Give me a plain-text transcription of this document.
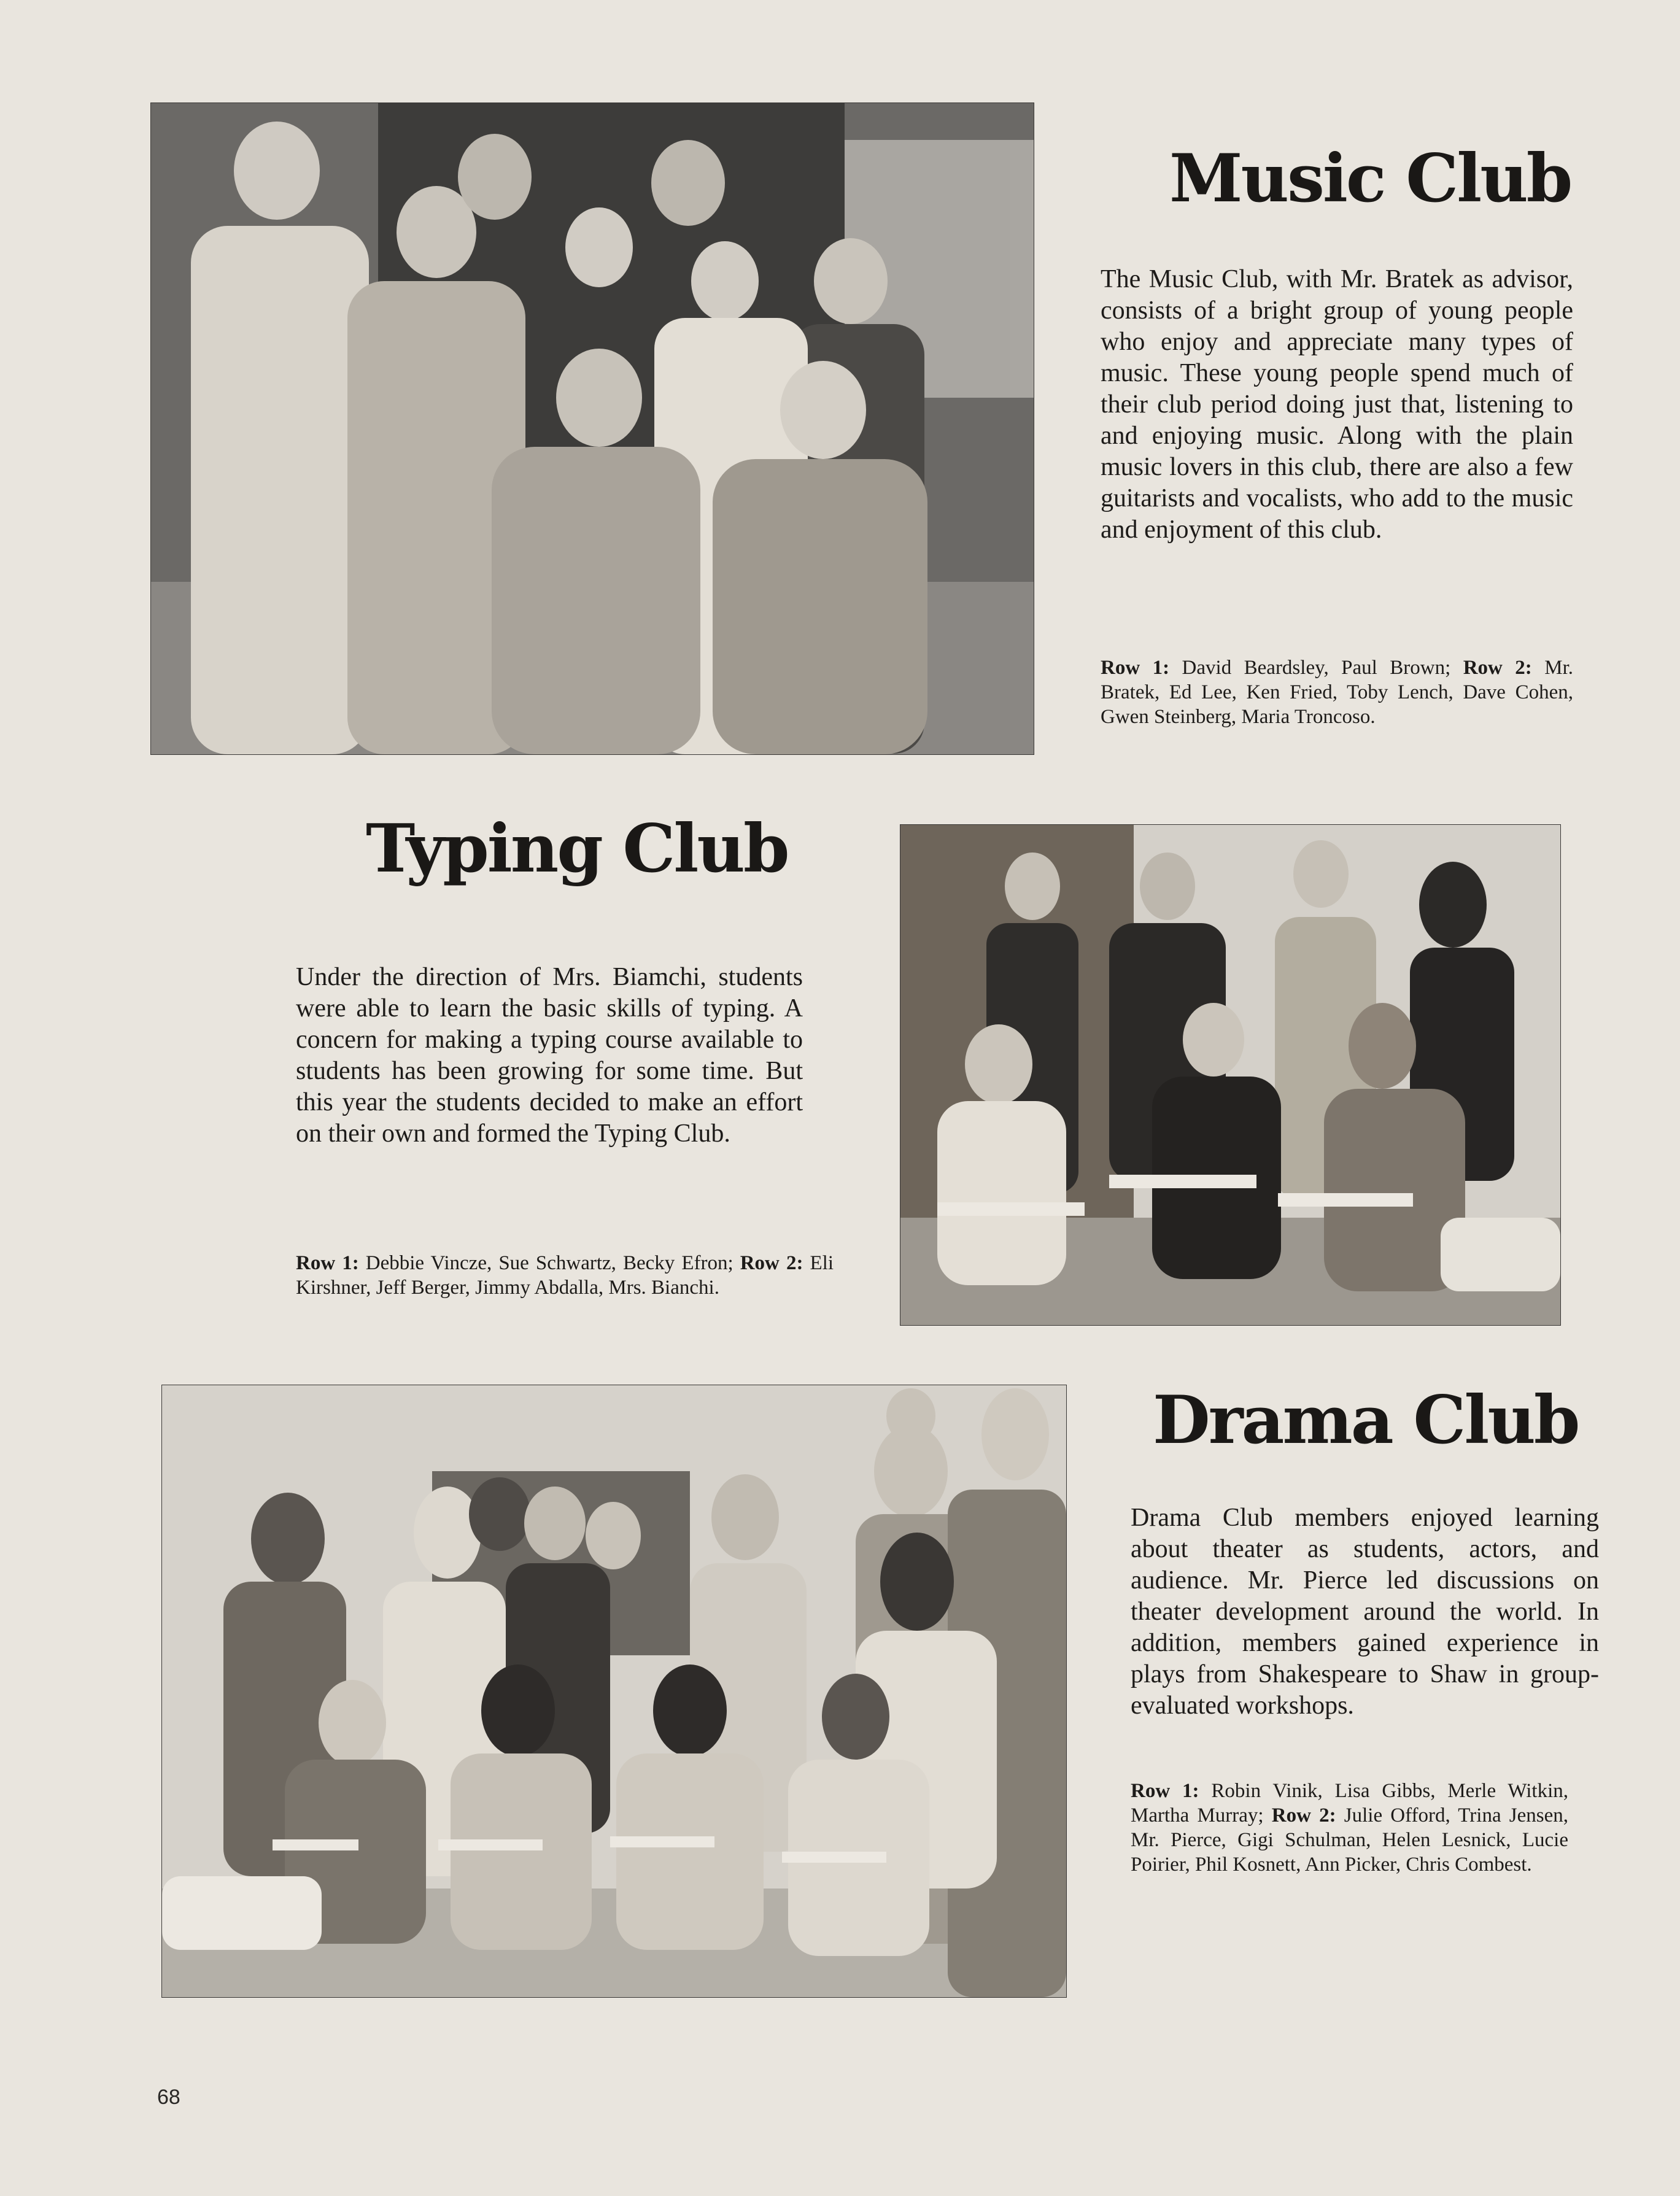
Music Club

The Music Club, with Mr. Bratek as advisor, consists of a bright group of young people who enjoy and appreciate many types of music. These young people spend much of their club period doing just that, listening to and enjoying music. Along with the plain music lovers in this club, there are also a few guitarists and vocalists, who add to the music and enjoyment of this club.

Row 1: David Beardsley, Paul Brown; Row 2: Mr. Bratek, Ed Lee, Ken Fried, Toby Lench, Dave Cohen, Gwen Steinberg, Maria Troncoso.

Typing Club

Under the direction of Mrs. Biamchi, students were able to learn the basic skills of typing. A concern for making a typing course available to students has been growing for some time. But this year the students decided to make an effort on their own and formed the Typing Club.

Row 1: Debbie Vincze, Sue Schwartz, Becky Efron; Row 2: Eli Kirshner, Jeff Berger, Jimmy Abdalla, Mrs. Bianchi.

Drama Club

Drama Club members enjoyed learning about theater as students, actors, and audience. Mr. Pierce led discussions on theater development around the world. In addition, members gained experience in plays from Shakespeare to Shaw in group-evaluated workshops.

Row 1: Robin Vinik, Lisa Gibbs, Merle Witkin, Martha Murray; Row 2: Julie Offord, Trina Jensen, Mr. Pierce, Gigi Schulman, Helen Lesnick, Lucie Poirier, Phil Kosnett, Ann Picker, Chris Combest.

68
